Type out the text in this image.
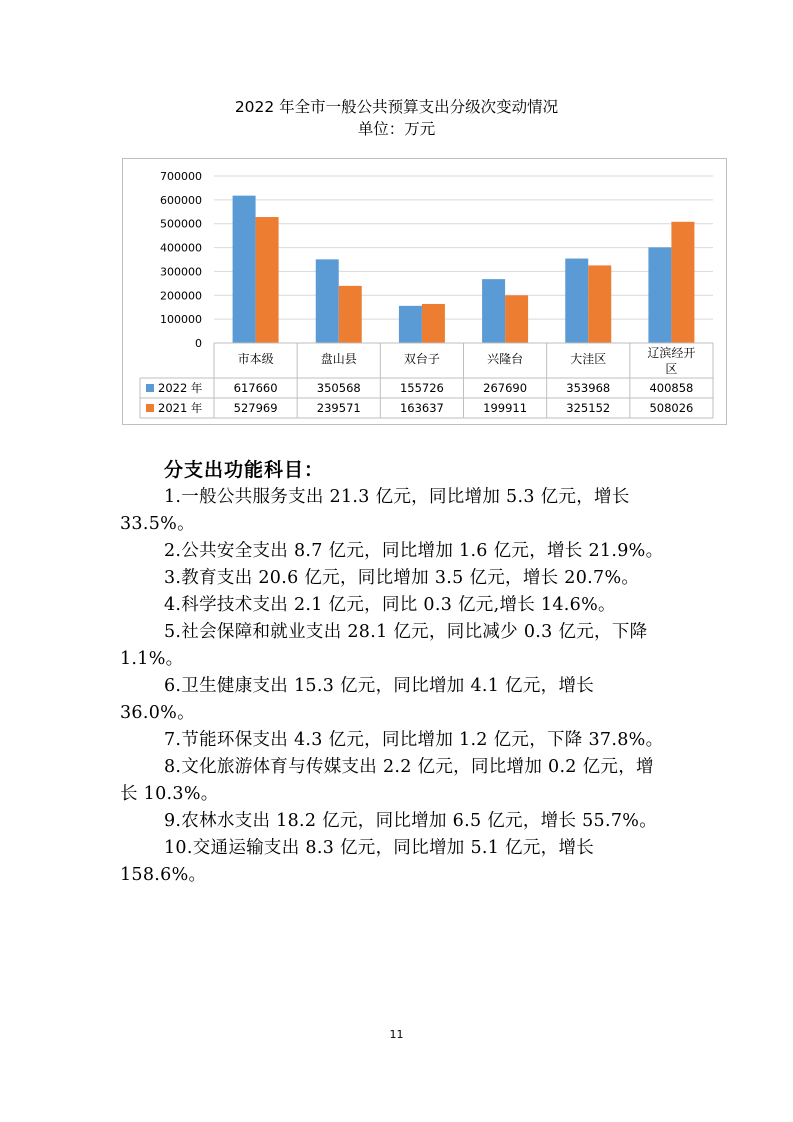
2022 年全市一般公共预算支出分级次变动情况
单位：万元
0
100000
200000
300000
400000
500000
600000
700000
市本级	盘山县	双台子	兴隆台	大洼区	辽滨经开
区
2022 年	617660	350568	155726	267690	353968	400858
2021 年	527969	239571	163637	199911	325152	508026
分支出功能科目：
1.一般公共服务支出 21.3 亿元，同比增加 5.3 亿元，增长 33.5%。
2.公共安全支出 8.7 亿元，同比增加 1.6 亿元，增长 21.9%。
3.教育支出 20.6 亿元，同比增加 3.5 亿元，增长 20.7%。
4.科学技术支出 2.1 亿元，同比 0.3 亿元,增长 14.6%。
5.社会保障和就业支出 28.1 亿元，同比减少 0.3 亿元，下降 1.1%。
6.卫生健康支出 15.3 亿元，同比增加 4.1 亿元，增长 36.0%。
7.节能环保支出 4.3 亿元，同比增加 1.2 亿元，下降 37.8%。
8.文化旅游体育与传媒支出 2.2 亿元，同比增加 0.2 亿元，增长 10.3%。
9.农林水支出 18.2 亿元，同比增加 6.5 亿元，增长 55.7%。
10.交通运输支出 8.3 亿元，同比增加 5.1 亿元，增长 158.6%。
11
